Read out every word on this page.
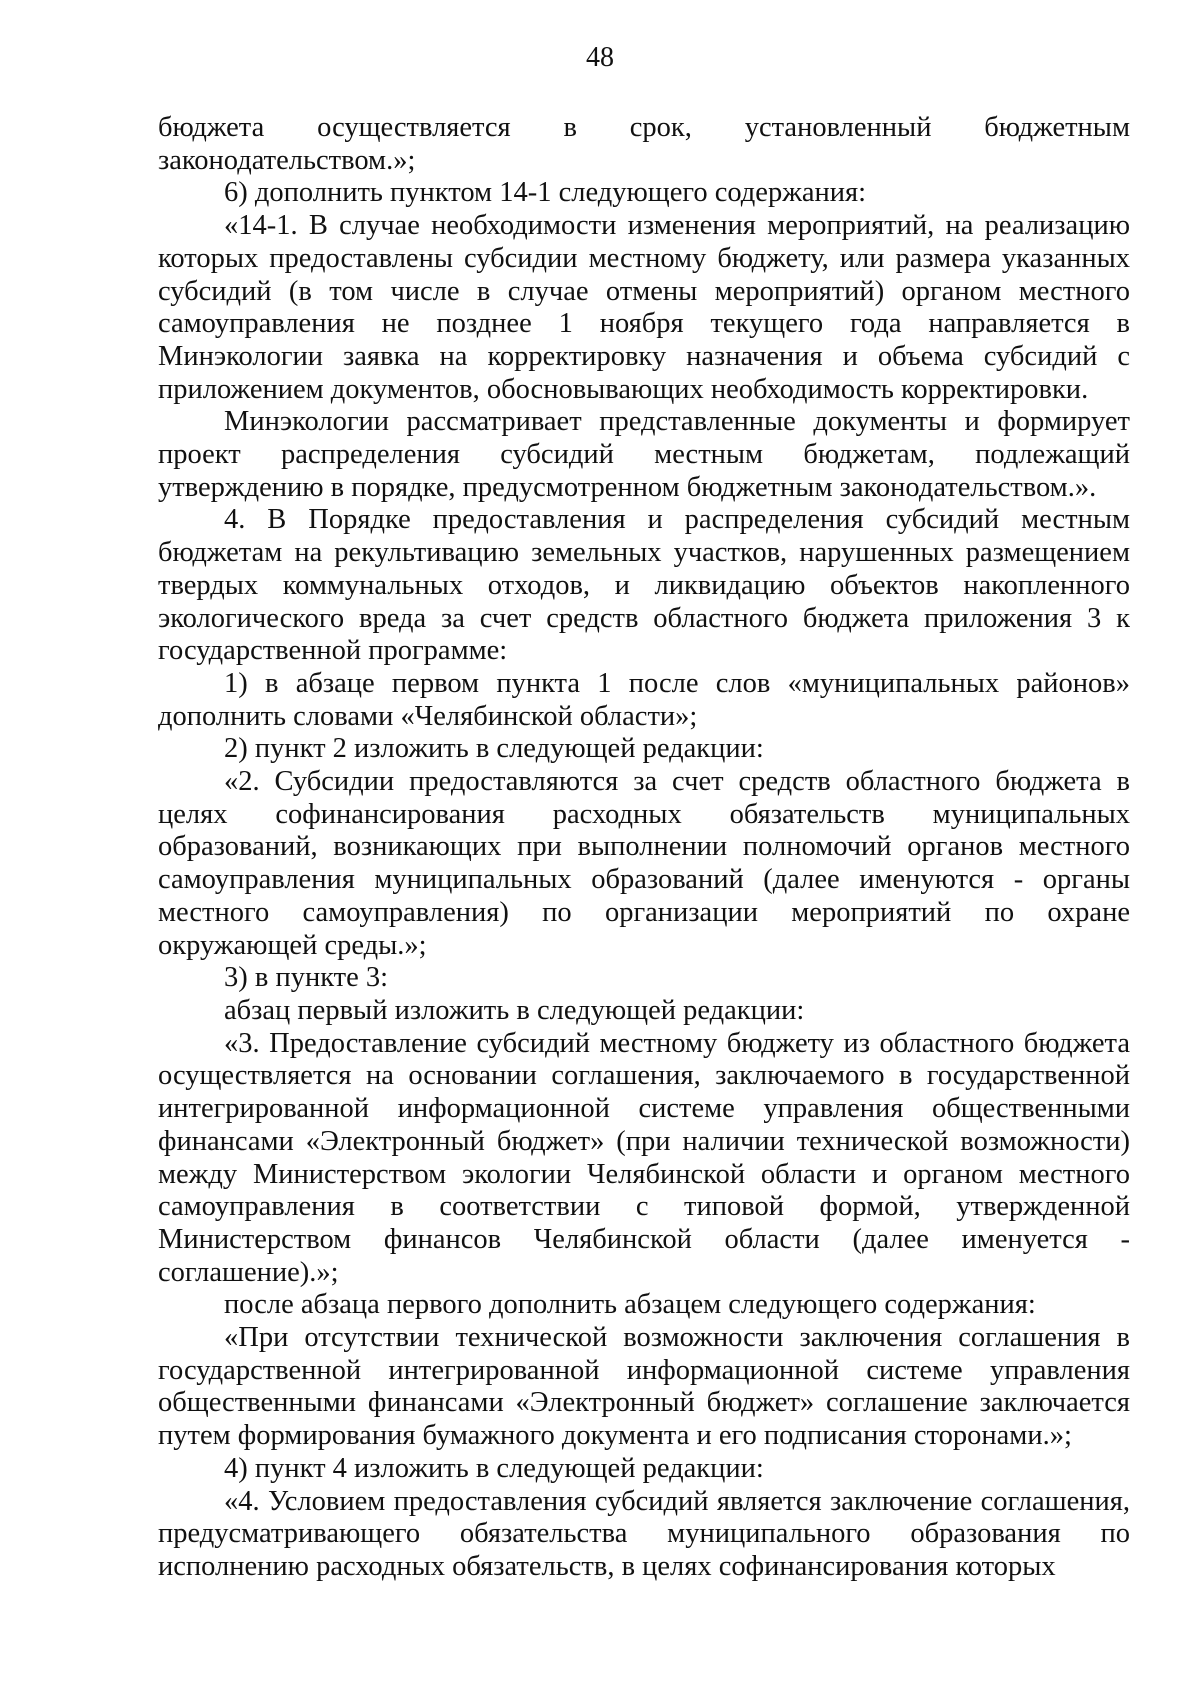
48

бюджета осуществляется в срок, установленный бюджетным законодательством.»;

6) дополнить пунктом 14-1 следующего содержания:

«14-1. В случае необходимости изменения мероприятий, на реализацию которых предоставлены субсидии местному бюджету, или размера указанных субсидий (в том числе в случае отмены мероприятий) органом местного самоуправления не позднее 1 ноября текущего года направляется в Минэкологии заявка на корректировку назначения и объема субсидий с приложением документов, обосновывающих необходимость корректировки.

Минэкологии рассматривает представленные документы и формирует проект распределения субсидий местным бюджетам, подлежащий утверждению в порядке, предусмотренном бюджетным законодательством.».

4. В Порядке предоставления и распределения субсидий местным бюджетам на рекультивацию земельных участков, нарушенных размещением твердых коммунальных отходов, и ликвидацию объектов накопленного экологического вреда за счет средств областного бюджета приложения 3 к государственной программе:

1) в абзаце первом пункта 1 после слов «муниципальных районов» дополнить словами «Челябинской области»;

2) пункт 2 изложить в следующей редакции:

«2. Субсидии предоставляются за счет средств областного бюджета в целях софинансирования расходных обязательств муниципальных образований, возникающих при выполнении полномочий органов местного самоуправления муниципальных образований (далее именуются - органы местного самоуправления) по организации мероприятий по охране окружающей среды.»;

3) в пункте 3:

абзац первый изложить в следующей редакции:

«3. Предоставление субсидий местному бюджету из областного бюджета осуществляется на основании соглашения, заключаемого в государственной интегрированной информационной системе управления общественными финансами «Электронный бюджет» (при наличии технической возможности) между Министерством экологии Челябинской области и органом местного самоуправления в соответствии с типовой формой, утвержденной Министерством финансов Челябинской области (далее именуется - соглашение).»;

после абзаца первого дополнить абзацем следующего содержания:

«При отсутствии технической возможности заключения соглашения в государственной интегрированной информационной системе управления общественными финансами «Электронный бюджет» соглашение заключается путем формирования бумажного документа и его подписания сторонами.»;

4) пункт 4 изложить в следующей редакции:

«4. Условием предоставления субсидий является заключение соглашения, предусматривающего обязательства муниципального образования по исполнению расходных обязательств, в целях софинансирования которых
